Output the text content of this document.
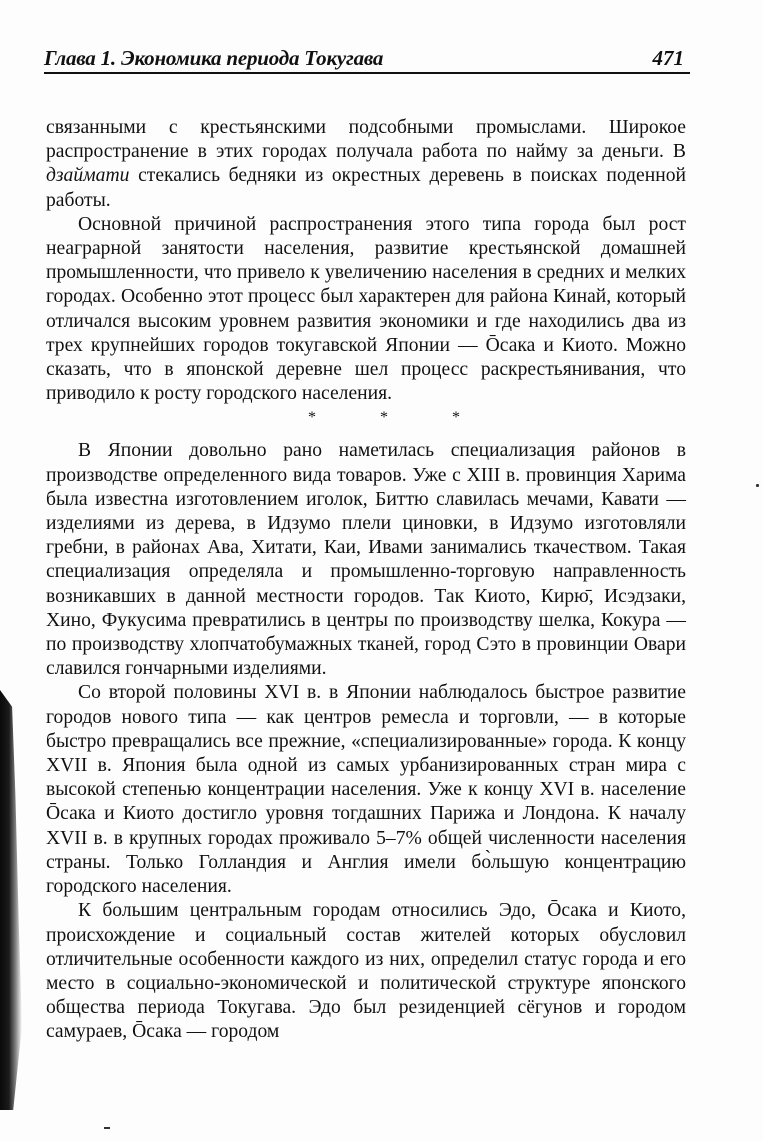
Глава 1. Экономика периода Токугава	471

связанными с крестьянскими подсобными промыслами. Широкое распространение в этих городах получала работа по найму за деньги. В дзаймати стекались бедняки из окрестных деревень в поисках поденной работы.

Основной причиной распространения этого типа города был рост неаграрной занятости населения, развитие крестьянской домашней промышленности, что привело к увеличению населения в средних и мелких городах. Особенно этот процесс был характерен для района Кинай, который отличался высоким уровнем развития экономики и где находились два из трех крупнейших городов токугавской Японии — Ōсака и Киото. Можно сказать, что в японской деревне шел процесс раскрестьянивания, что приводило к росту городского населения.

*	*	*

В Японии довольно рано наметилась специализация районов в производстве определенного вида товаров. Уже с XIII в. провинция Харима была известна изготовлением иголок, Биттю славилась мечами, Кавати — изделиями из дерева, в Идзумо плели циновки, в Идзумо изготовляли гребни, в районах Ава, Хитати, Каи, Ивами занимались ткачеством. Такая специализация определяла и промышленно-торговую направленность возникавших в данной местности городов. Так Киото, Кирю̄, Исэдзаки, Хино, Фукусима превратились в центры по производству шелка, Кокура — по производству хлопчатобумажных тканей, город Сэто в провинции Овари славился гончарными изделиями.

Со второй половины XVI в. в Японии наблюдалось быстрое развитие городов нового типа — как центров ремесла и торговли, — в которые быстро превращались все прежние, «специализированные» города. К концу XVII в. Япония была одной из самых урбанизированных стран мира с высокой степенью концентрации населения. Уже к концу XVI в. население Ōсака и Киото достигло уровня тогдашних Парижа и Лондона. К началу XVII в. в крупных городах проживало 5–7% общей численности населения страны. Только Голландия и Англия имели бо̀льшую концентрацию городского населения.

К большим центральным городам относились Эдо, Ōсака и Киото, происхождение и социальный состав жителей которых обусловил отличительные особенности каждого из них, определил статус города и его место в социально-экономической и политической структуре японского общества периода Токугава. Эдо был резиденцией сёгунов и городом самураев, Ōсака — городом
